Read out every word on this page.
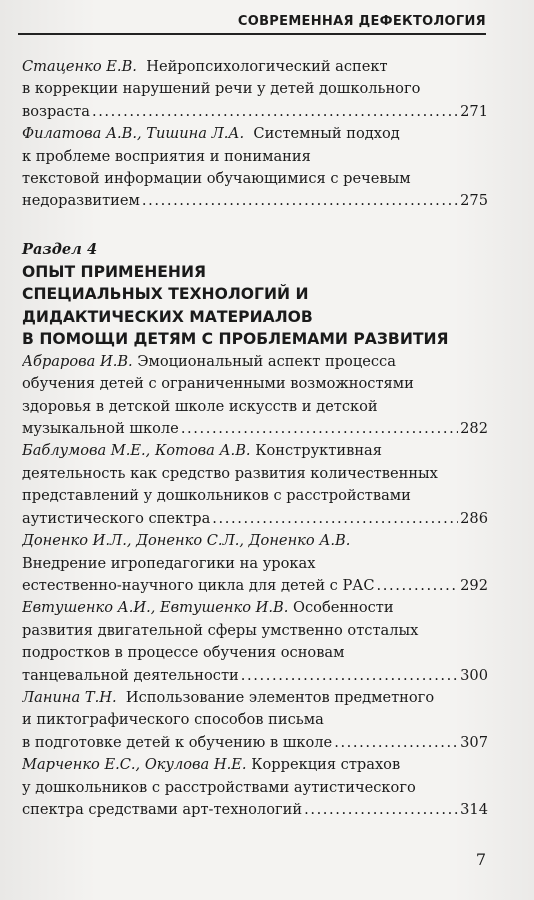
СОВРЕМЕННАЯ ДЕФЕКТОЛОГИЯ
Стаценко Е.В. Нейропсихологический аспект
в коррекции нарушений речи у детей дошкольного
возраста .....	271
Филатова А.В., Тишина Л.А. Системный подход
к проблеме восприятия и понимания
текстовой информации обучающимися с речевым
недоразвитием .....	275
Раздел 4
ОПЫТ ПРИМЕНЕНИЯ
СПЕЦИАЛЬНЫХ ТЕХНОЛОГИЙ И
ДИДАКТИЧЕСКИХ МАТЕРИАЛОВ
В ПОМОЩИ ДЕТЯМ С ПРОБЛЕМАМИ РАЗВИТИЯ
Абрарова И.В. Эмоциональный аспект процесса
обучения детей с ограниченными возможностями
здоровья в детской школе искусств и детской
музыкальной школе .....	282
Баблумова М.Е., Котова А.В. Конструктивная
деятельность как средство развития количественных
представлений у дошкольников с расстройствами
аутистического спектра .....	286
Доненко И.Л., Доненко С.Л., Доненко А.В.
Внедрение игропедагогики на уроках
естественно-научного цикла для детей с РАС .....	292
Евтушенко А.И., Евтушенко И.В. Особенности
развития двигательной сферы умственно отсталых
подростков в процессе обучения основам
танцевальной деятельности .....	300
Ланина Т.Н. Использование элементов предметного
и пиктографического способов письма
в подготовке детей к обучению в школе .....	307
Марченко Е.С., Окулова Н.Е. Коррекция страхов
у дошкольников с расстройствами аутистического
спектра средствами арт-технологий .....	314
7
